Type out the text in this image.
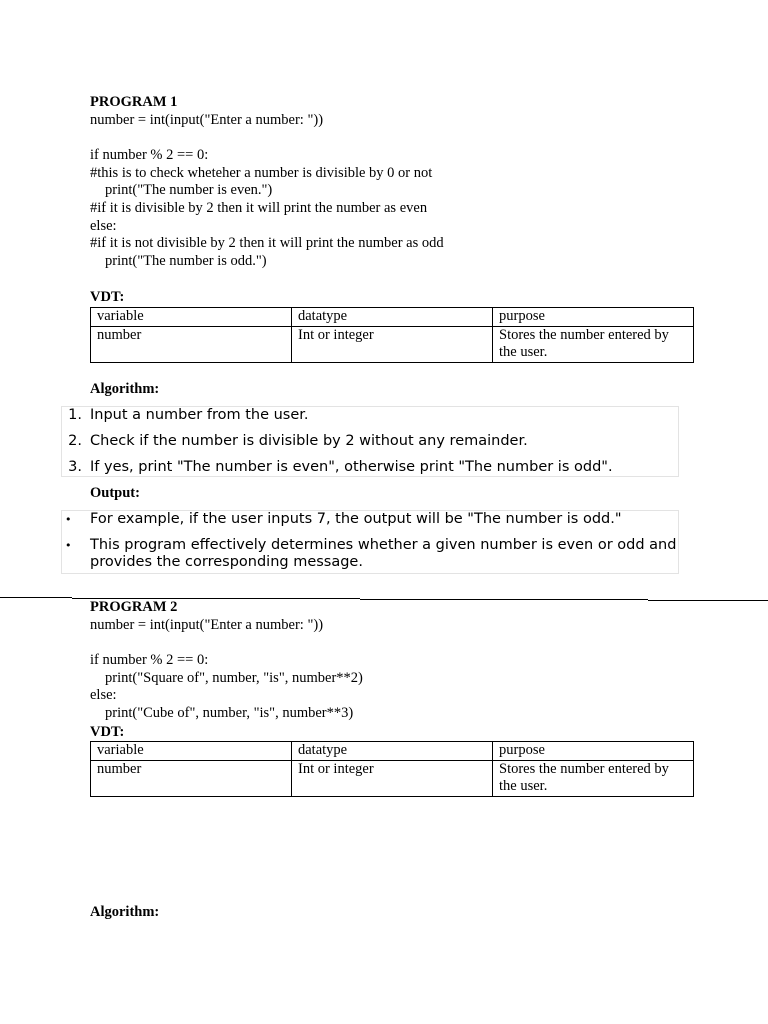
PROGRAM 1
number = int(input("Enter a number: "))
if number % 2 == 0:
#this is to check wheteher a number is divisible by 0 or not
print("The number is even.")
#if it is divisible by 2 then it will print the number as even
else:
#if it is not divisible by 2 then it will print the number as odd
print("The number is odd.")
VDT:
variable	datatype	purpose
number	Int or integer	Stores the number entered by the user.
Algorithm:
1. Input a number from the user.
2. Check if the number is divisible by 2 without any remainder.
3. If yes, print "The number is even", otherwise print "The number is odd".
Output:
• For example, if the user inputs 7, the output will be "The number is odd."
• This program effectively determines whether a given number is even or odd and provides the corresponding message.
PROGRAM 2
number = int(input("Enter a number: "))
if number % 2 == 0:
print("Square of", number, "is", number**2)
else:
print("Cube of", number, "is", number**3)
VDT:
variable	datatype	purpose
number	Int or integer	Stores the number entered by the user.
Algorithm:
